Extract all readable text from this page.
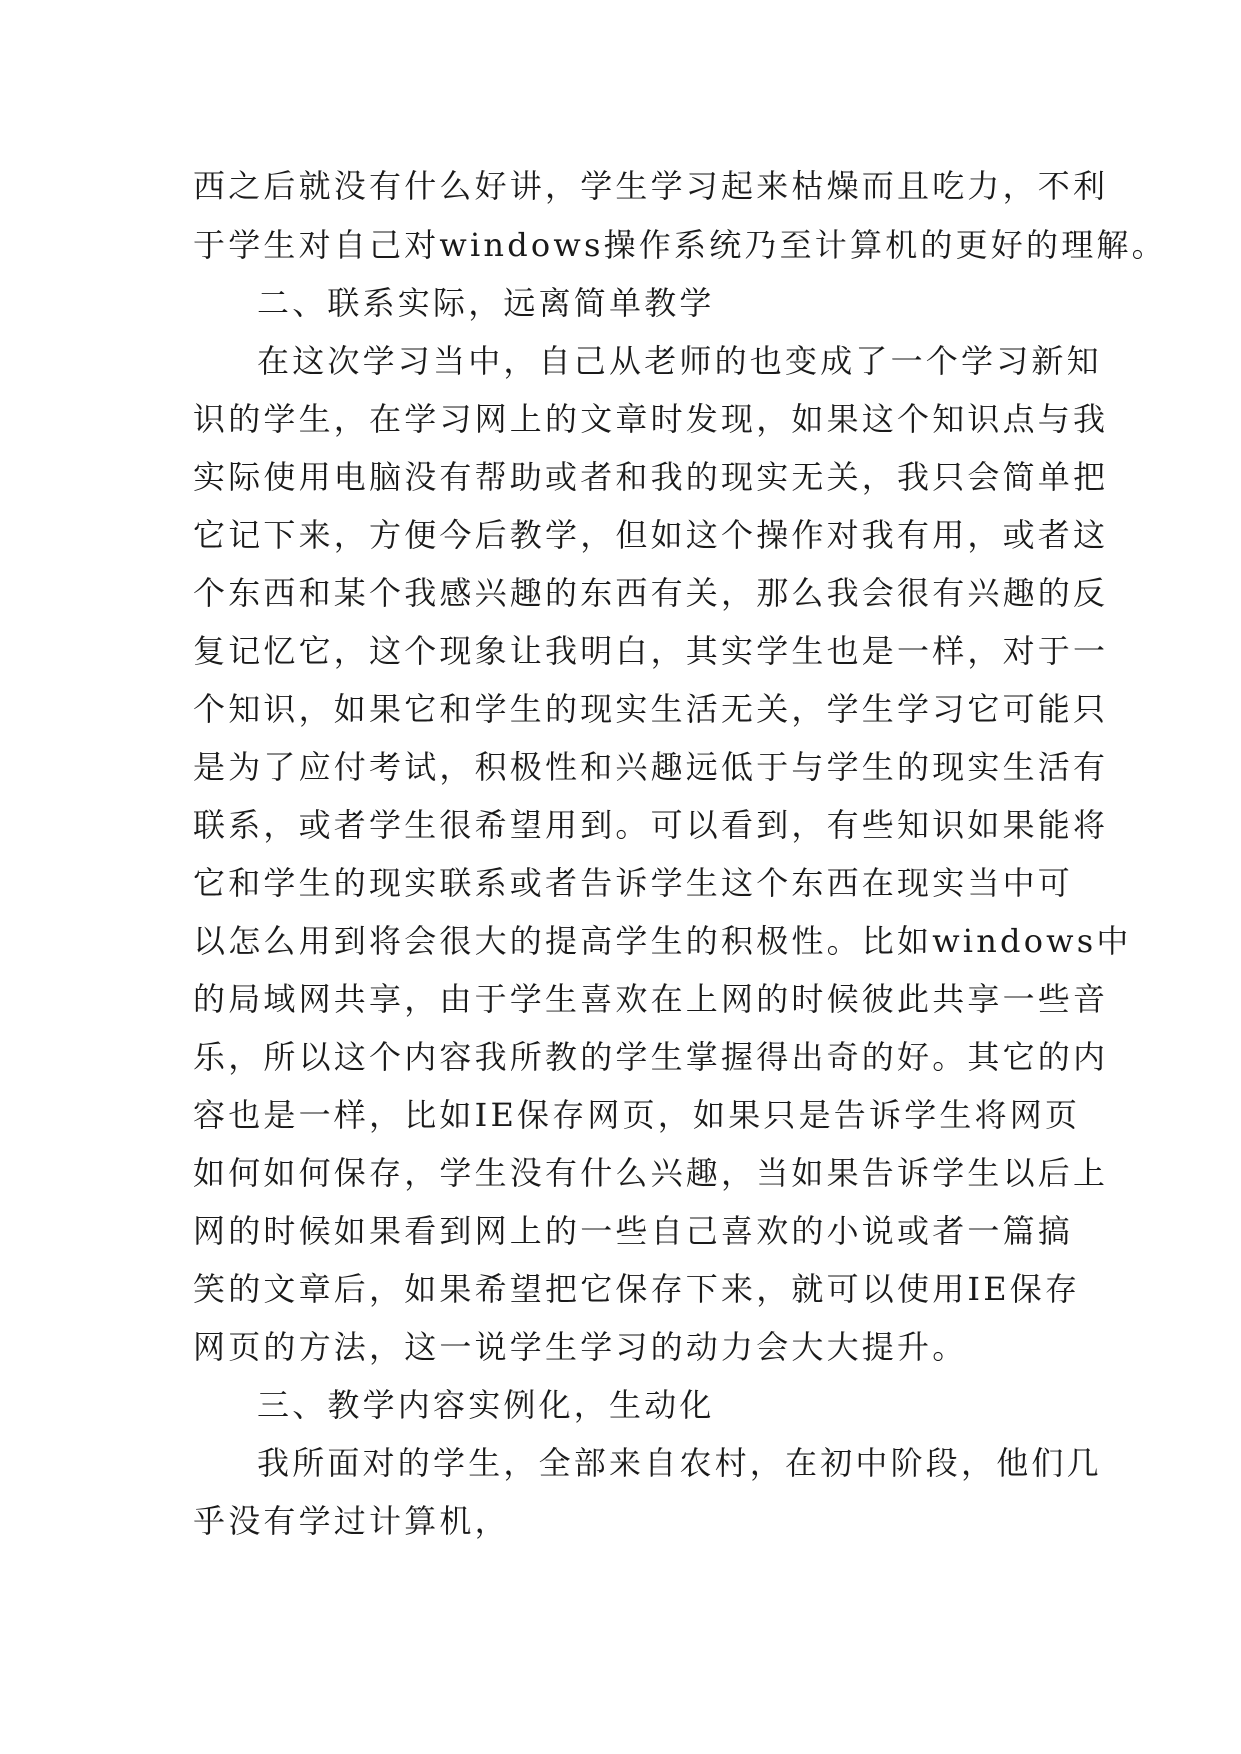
西之后就没有什么好讲，学生学习起来枯燥而且吃力，不利
于学生对自己对windows操作系统乃至计算机的更好的理解。
二、联系实际，远离简单教学
在这次学习当中，自己从老师的也变成了一个学习新知
识的学生，在学习网上的文章时发现，如果这个知识点与我
实际使用电脑没有帮助或者和我的现实无关，我只会简单把
它记下来，方便今后教学，但如这个操作对我有用，或者这
个东西和某个我感兴趣的东西有关，那么我会很有兴趣的反
复记忆它，这个现象让我明白，其实学生也是一样，对于一
个知识，如果它和学生的现实生活无关，学生学习它可能只
是为了应付考试，积极性和兴趣远低于与学生的现实生活有
联系，或者学生很希望用到。可以看到，有些知识如果能将
它和学生的现实联系或者告诉学生这个东西在现实当中可
以怎么用到将会很大的提高学生的积极性。比如windows中
的局域网共享，由于学生喜欢在上网的时候彼此共享一些音
乐，所以这个内容我所教的学生掌握得出奇的好。其它的内
容也是一样，比如IE保存网页，如果只是告诉学生将网页
如何如何保存，学生没有什么兴趣，当如果告诉学生以后上
网的时候如果看到网上的一些自己喜欢的小说或者一篇搞
笑的文章后，如果希望把它保存下来，就可以使用IE保存
网页的方法，这一说学生学习的动力会大大提升。
三、教学内容实例化，生动化
我所面对的学生，全部来自农村，在初中阶段，他们几
乎没有学过计算机，
